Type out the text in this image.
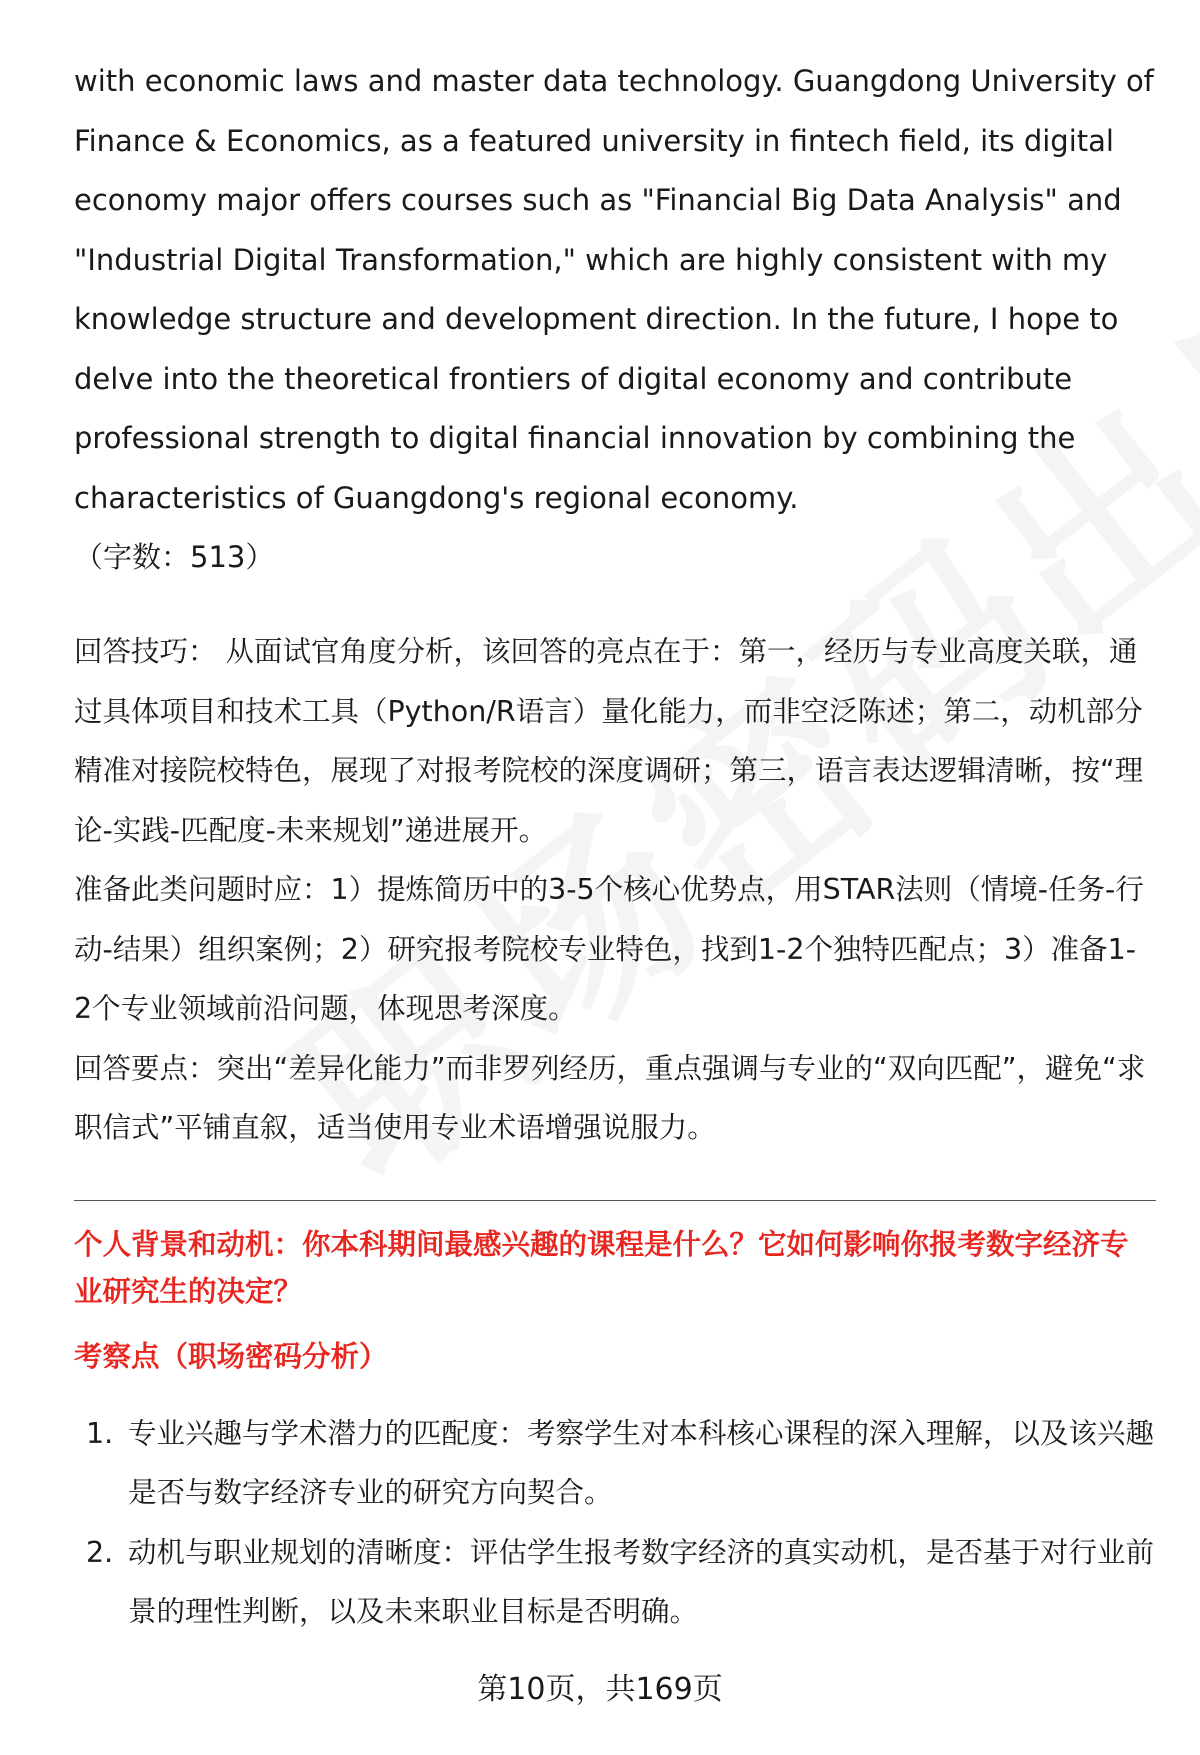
with economic laws and master data technology. Guangdong University of Finance & Economics, as a featured university in fintech field, its digital economy major offers courses such as "Financial Big Data Analysis" and "Industrial Digital Transformation," which are highly consistent with my knowledge structure and development direction. In the future, I hope to delve into the theoretical frontiers of digital economy and contribute professional strength to digital financial innovation by combining the characteristics of Guangdong's regional economy.

（字数：513）

回答技巧： 从面试官角度分析，该回答的亮点在于：第一，经历与专业高度关联，通过具体项目和技术工具（Python/R语言）量化能力，而非空泛陈述；第二，动机部分精准对接院校特色，展现了对报考院校的深度调研；第三，语言表达逻辑清晰，按“理论-实践-匹配度-未来规划”递进展开。

准备此类问题时应：1）提炼简历中的3-5个核心优势点，用STAR法则（情境-任务-行动-结果）组织案例；2）研究报考院校专业特色，找到1-2个独特匹配点；3）准备1-2个专业领域前沿问题，体现思考深度。

回答要点：突出“差异化能力”而非罗列经历，重点强调与专业的“双向匹配”，避免“求职信式”平铺直叙，适当使用专业术语增强说服力。

个人背景和动机：你本科期间最感兴趣的课程是什么？它如何影响你报考数字经济专业研究生的决定？
考察点（职场密码分析）
1. 专业兴趣与学术潜力的匹配度：考察学生对本科核心课程的深入理解，以及该兴趣是否与数字经济专业的研究方向契合。
2. 动机与职业规划的清晰度：评估学生报考数字经济的真实动机，是否基于对行业前景的理性判断，以及未来职业目标是否明确。
第10页，共169页
